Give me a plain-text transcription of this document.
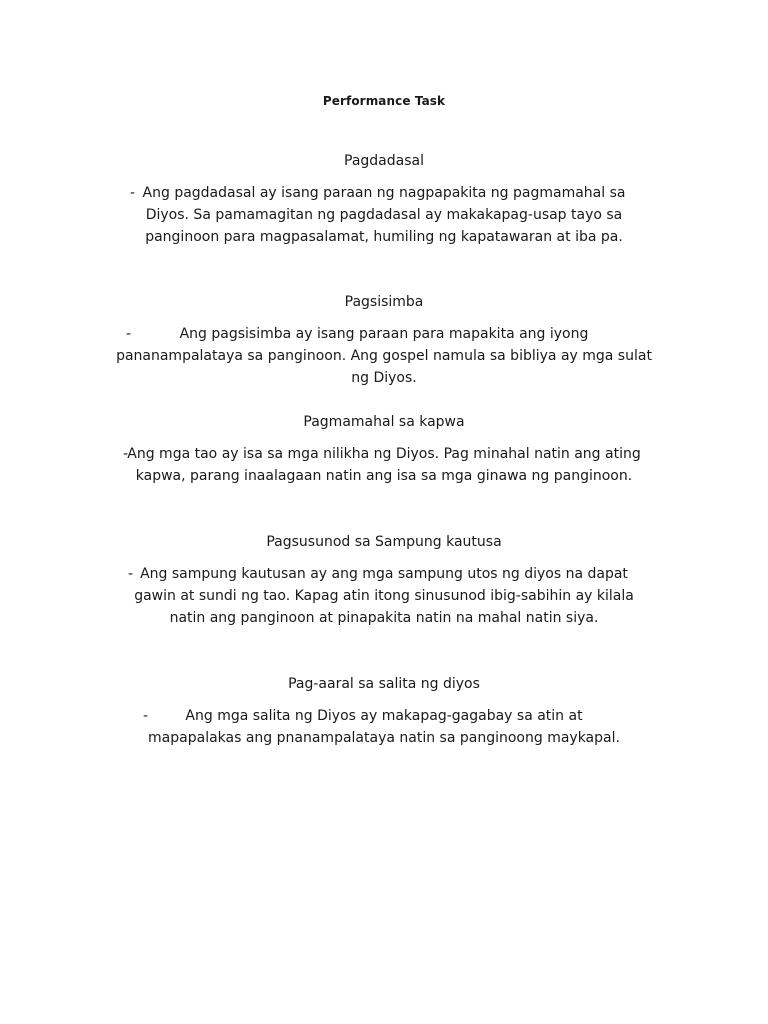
Performance Task
Pagdadasal
- Ang pagdadasal ay isang paraan ng nagpapakita ng pagmamahal sa Diyos. Sa pamamagitan ng pagdadasal ay makakapag-usap tayo sa panginoon para magpasalamat, humiling ng kapatawaran at iba pa.
Pagsisimba
-	Ang pagsisimba ay isang paraan para mapakita ang iyong pananampalataya sa panginoon. Ang gospel namula sa bibliya ay mga sulat ng Diyos.
Pagmamahal sa kapwa
- Ang mga tao ay isa sa mga nilikha ng Diyos. Pag minahal natin ang ating kapwa, parang inaalagaan natin ang isa sa mga ginawa ng panginoon.
Pagsusunod sa Sampung kautusa
- Ang sampung kautusan ay ang mga sampung utos ng diyos na dapat gawin at sundi ng tao. Kapag atin itong sinusunod ibig-sabihin ay kilala natin ang panginoon at pinapakita natin na mahal natin siya.
Pag-aaral sa salita ng diyos
-	Ang mga salita ng Diyos ay makapag-gagabay sa atin at mapapalakas ang pnanampalataya natin sa panginoong maykapal.
